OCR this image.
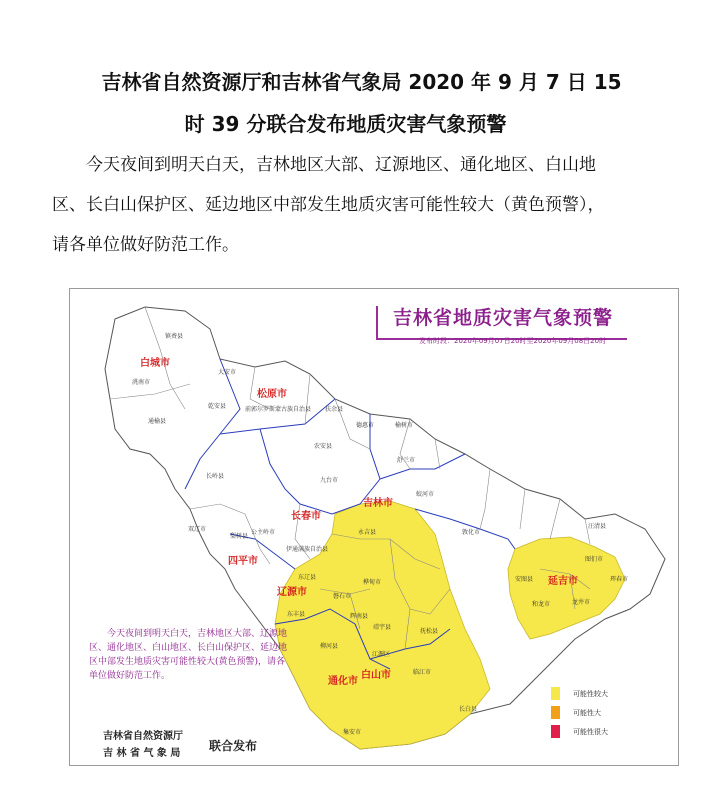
吉林省自然资源厅和吉林省气象局 2020 年 9 月 7 日 15
时 39 分联合发布地质灾害气象预警
今天夜间到明天白天，吉林地区大部、辽源地区、通化地区、白山地区、长白山保护区、延边地区中部发生地质灾害可能性较大（黄色预警），请各单位做好防范工作。
吉林省地质灾害气象预警
发布时段：2020年09月07日20时至2020年09月08日20时
白城市
松原市
长春市
吉林市
四平市
辽源市
延吉市
通化市
白山市
镇赉县
大安市
洮南市
乾安县	前郭尔罗斯蒙古族自治县 扶余县
通榆县
德惠市	榆树市
舒兰市
农安县
九台市
长岭县
蛟河市
公主岭市
双辽市
伊通满族自治县
梨树县
永吉县	敦化市
汪清县
安图县
和龙市
东丰县
桦甸市
磐石市
辉南县
靖宇县
抚松县
柳河县
江源区
临江市
集安市
长白县
龙井市
图们市
珲春市
东辽县
今天夜间到明天白天，吉林地区大部、辽源地区、通化地区、白山地区、长白山保护区、延边地区中部发生地质灾害可能性较大(黄色预警)，请各单位做好防范工作。
吉林省自然资源厅
吉 林 省 气 象 局
联合发布
可能性较大
可能性大
可能性很大
